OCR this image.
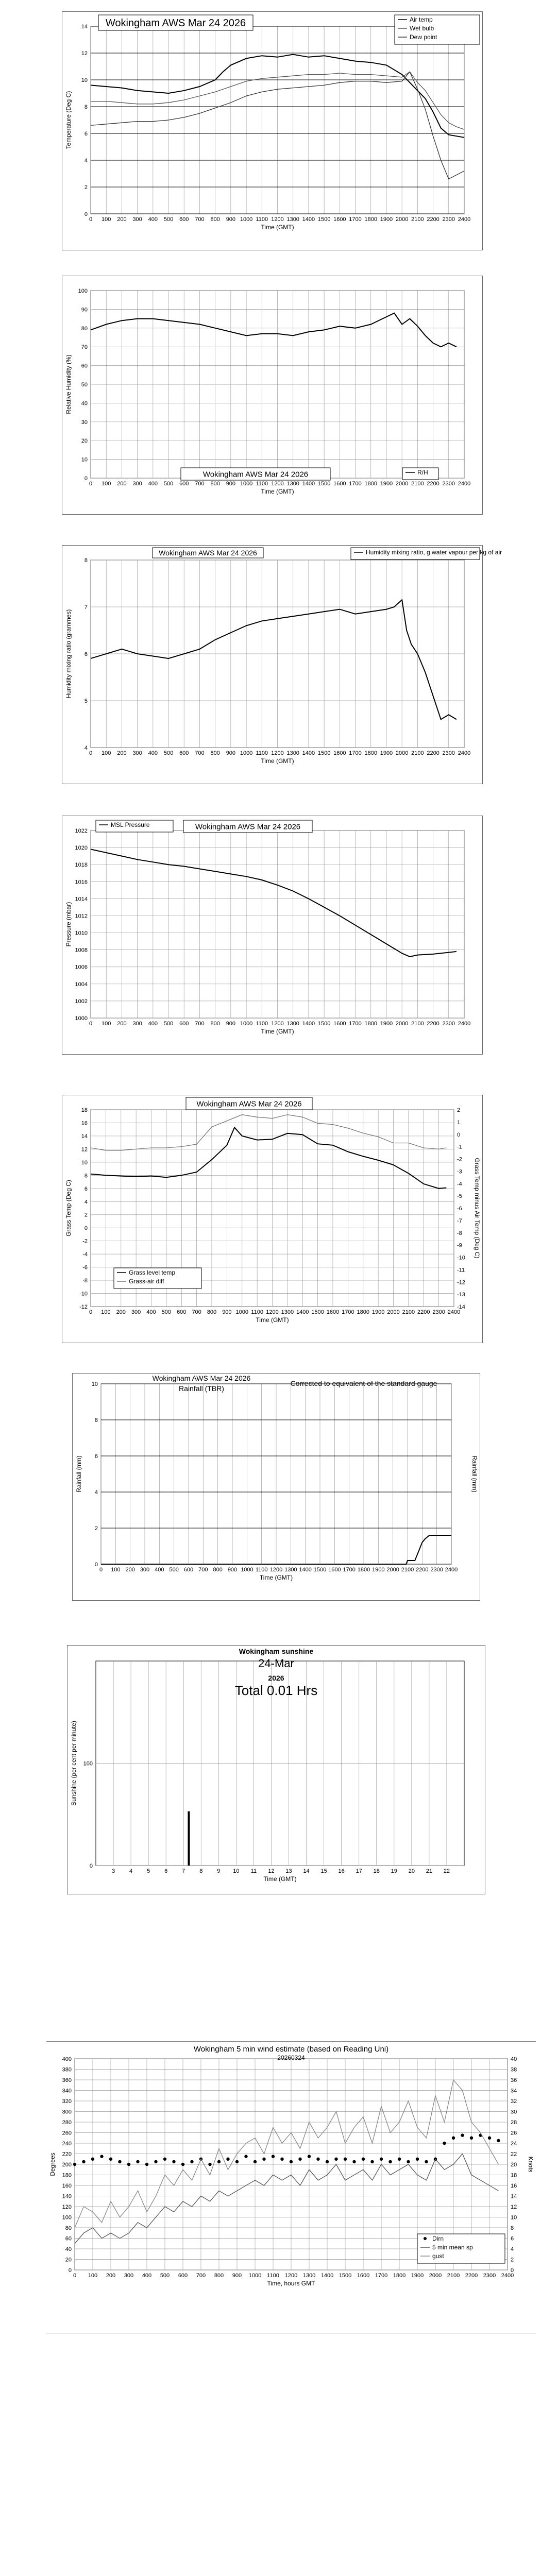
0 100 200 300 400 500 600 700 800 900 1000 1100 1200 1300 1400 1500 1600 1700 1800 1900 2000 2100 2200 2300 2400
0
2
4
6
8
10
12
14
Time (GMT)
Temperature (Deg C)
Wokingham AWS Mar 24 2026	Air temp
Wet bulb
Dew point
0 100 200 300 400 500 600 700 800 900 1000 1100 1200 1300 1400 1500 1600 1700 1800 1900 2000 2100 2200 2300 2400
0
10
20
30
40
50
60
70
80
90
100
Time (GMT)
Relative Humidity (%)
Wokingham AWS Mar 24 2026	R/H
0 100 200 300 400 500 600 700 800 900 1000 1100 1200 1300 1400 1500 1600 1700 1800 1900 2000 2100 2200 2300 2400
4
5
6
7
8
Time (GMT)
Humidity mixing ratio (grammes)
Wokingham AWS Mar 24 2026	Humidity mixing ratio, g water vapour per kg of air
0 100 200 300 400 500 600 700 800 900 1000 1100 1200 1300 1400 1500 1600 1700 1800 1900 2000 2100 2200 2300 2400
1000
1002
1004
1006
1008
1010
1012
1014
1016
1018
1020
1022
Time (GMT)
Pressure (mbar)
Wokingham AWS Mar 24 2026
MSL Pressure
0 100 200 300 400 500 600 700 800 900 1000 1100 1200 1300 1400 1500 1600 1700 1800 1900 2000 2100 2200 2300 2400
-12
-10
-8
-6
-4
-2
0
2
4
6
8
10
12
14
16
18
-14
-13
-12
-11
-10
-9
-8
-7
-6
-5
-4
-3
-2
-1
0
1
2
Time (GMT)
Grass Temp (Deg C)	Grass Temp minus Air Temp (Deg C)
Wokingham AWS Mar 24 2026
Grass level temp
Grass-air diff
0 100 200 300 400 500 600 700 800 900 1000 1100 1200 1300 1400 1500 1600 1700 1800 1900 2000 2100 2200 2300 2400
0
2
4
6
8
10
Time (GMT)
Rainfall (mm)	Rainfall (mm)
Wokingham AWS Mar 24 2026
Rainfall (TBR)
Corrected to equivalent of the standard gauge
3	4	5	6	7	8	9 10 11 12 13 14 15 16 17 18 19 20 21 22
0
100
Time (GMT)
Sunshine (per cent per minute)
Wokingham sunshine
24-Mar
2026
Total 0.01 Hrs
0 100 200 300 400 500 600 700 800 900 1000 1100 1200 1300 1400 1500 1600 1700 1800 1900 2000 2100 2200 2300 2400
0
20
40
60
80
100
120
140
160
180
200
220
240
260
280
300
320
340
360
380
400
0
2
4
6
8
10
12
14
16
18
20
22
24
26
28
30
32
34
36
38
40
Time, hours GMT
Degrees	Knots
Wokingham 5 min wind estimate (based on Reading Uni)
20260324
Dirn
5 min mean sp
gust
